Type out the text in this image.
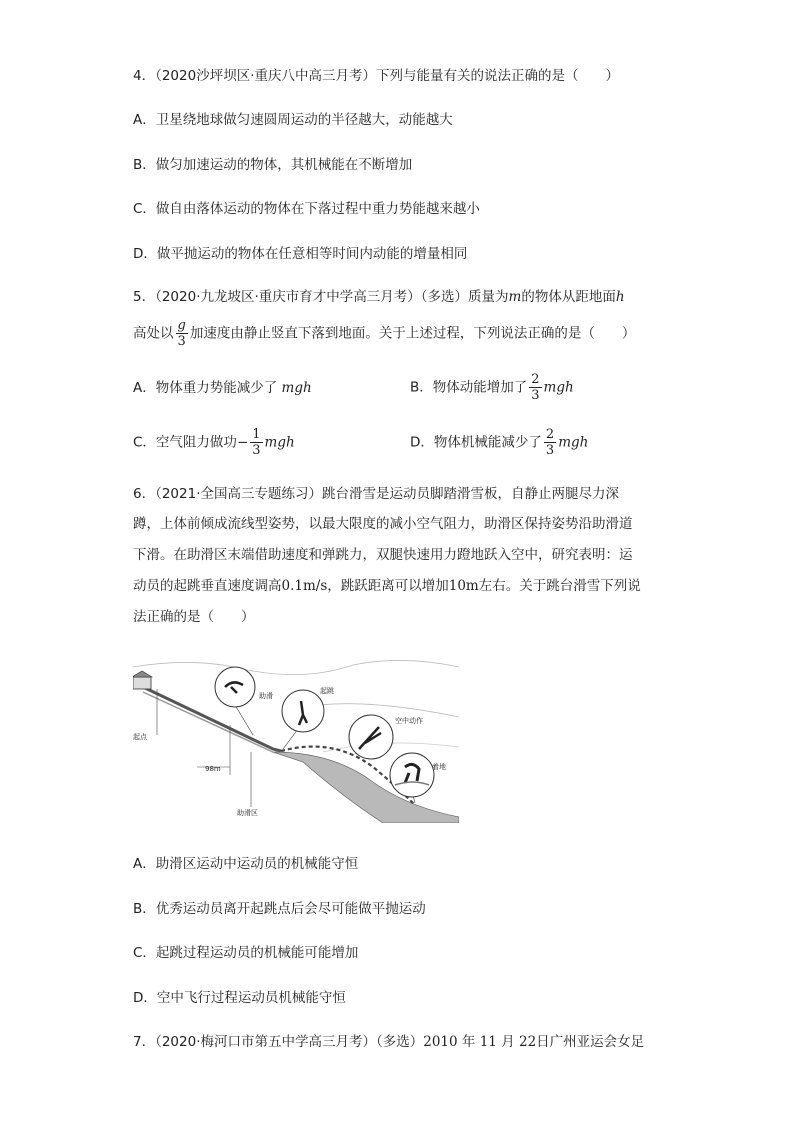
4．（2020沙坪坝区·重庆八中高三月考）下列与能量有关的说法正确的是（　　）
A．卫星绕地球做匀速圆周运动的半径越大，动能越大
B．做匀加速运动的物体，其机械能在不断增加
C．做自由落体运动的物体在下落过程中重力势能越来越小
D．做平抛运动的物体在任意相等时间内动能的增量相同
5．（2020·九龙坡区·重庆市育才中学高三月考）（多选）质量为m的物体从距地面h
高处以 $\frac{g}{3}$ 加速度由静止竖直下落到地面。关于上述过程，下列说法正确的是（　　）
A．物体重力势能减少了 mgh	B．物体动能增加了 $\frac{2}{3}$ mgh
C．空气阻力做功− $\frac{1}{3}$ mgh	D．物体机械能减少了 $\frac{2}{3}$ mgh
6．（2021·全国高三专题练习）跳台滑雪是运动员脚踏滑雪板，自静止两腿尽力深
蹲，上体前倾成流线型姿势，以最大限度的减小空气阻力，助滑区保持姿势沿助滑道
下滑。在助滑区末端借助速度和弹跳力，双腿快速用力蹬地跃入空中，研究表明：运
动员的起跳垂直速度调高0.1m/s，跳跃距离可以增加10m左右。关于跳台滑雪下列说
法正确的是（　　）
助滑
起跳
空中动作
着地
起点
98m
助滑区
A．助滑区运动中运动员的机械能守恒
B．优秀运动员离开起跳点后会尽可能做平抛运动
C．起跳过程运动员的机械能可能增加
D．空中飞行过程运动员机械能守恒
7．（2020·梅河口市第五中学高三月考）（多选）2010 年 11 月 22日广州亚运会女足
